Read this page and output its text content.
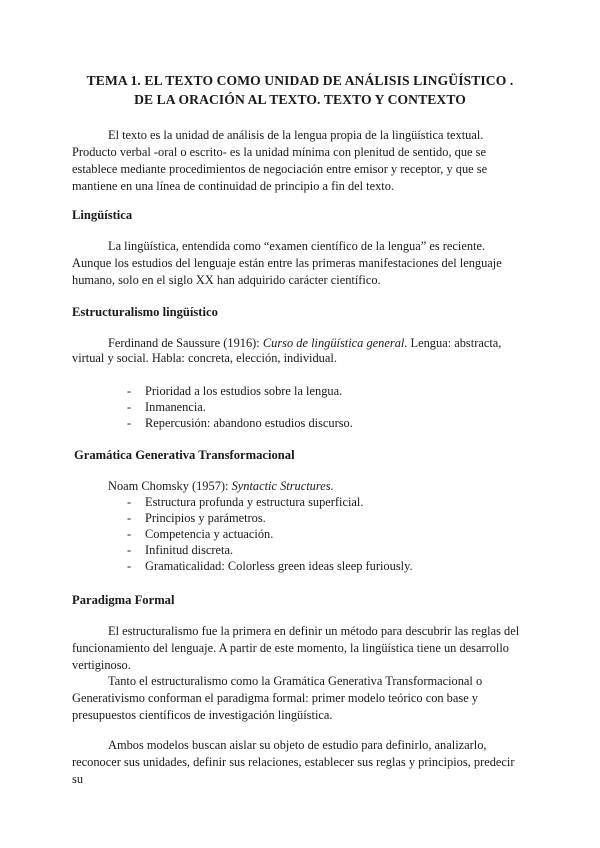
TEMA 1. EL TEXTO COMO UNIDAD DE ANÁLISIS LINGÜÍSTICO .
DE LA ORACIÓN AL TEXTO. TEXTO Y CONTEXTO
El texto es la unidad de análisis de la lengua propia de la lingüística textual. Producto verbal -oral o escrito- es la unidad mínima con plenitud de sentido, que se establece mediante procedimientos de negociación entre emisor y receptor, y que se mantiene en una línea de continuidad de principio a fin del texto.
Lingüística
La lingüística, entendida como “examen científico de la lengua” es reciente. Aunque los estudios del lenguaje están entre las primeras manifestaciones del lenguaje humano, solo en el siglo XX han adquirido carácter científico.
Estructuralismo lingüístico
Ferdinand de Saussure (1916): Curso de lingüística general. Lengua: abstracta,
virtual y social. Habla: concreta, elección, individual.
- Prioridad a los estudios sobre la lengua.
- Inmanencia.
- Repercusión: abandono estudios discurso.
Gramática Generativa Transformacional
Noam Chomsky (1957): Syntactic Structures.
- Estructura profunda y estructura superficial.
- Principios y parámetros.
- Competencia y actuación.
- Infinitud discreta.
- Gramaticalidad: Colorless green ideas sleep furiously.
Paradigma Formal
El estructuralismo fue la primera en definir un método para descubrir las reglas del funcionamiento del lenguaje. A partir de este momento, la lingüística tiene un desarrollo vertiginoso.
Tanto el estructuralismo como la Gramática Generativa Transformacional o Generativismo conforman el paradigma formal: primer modelo teórico con base y presupuestos científicos de investigación lingüística.
Ambos modelos buscan aislar su objeto de estudio para definirlo, analizarlo, reconocer sus unidades, definir sus relaciones, establecer sus reglas y principios, predecir su
